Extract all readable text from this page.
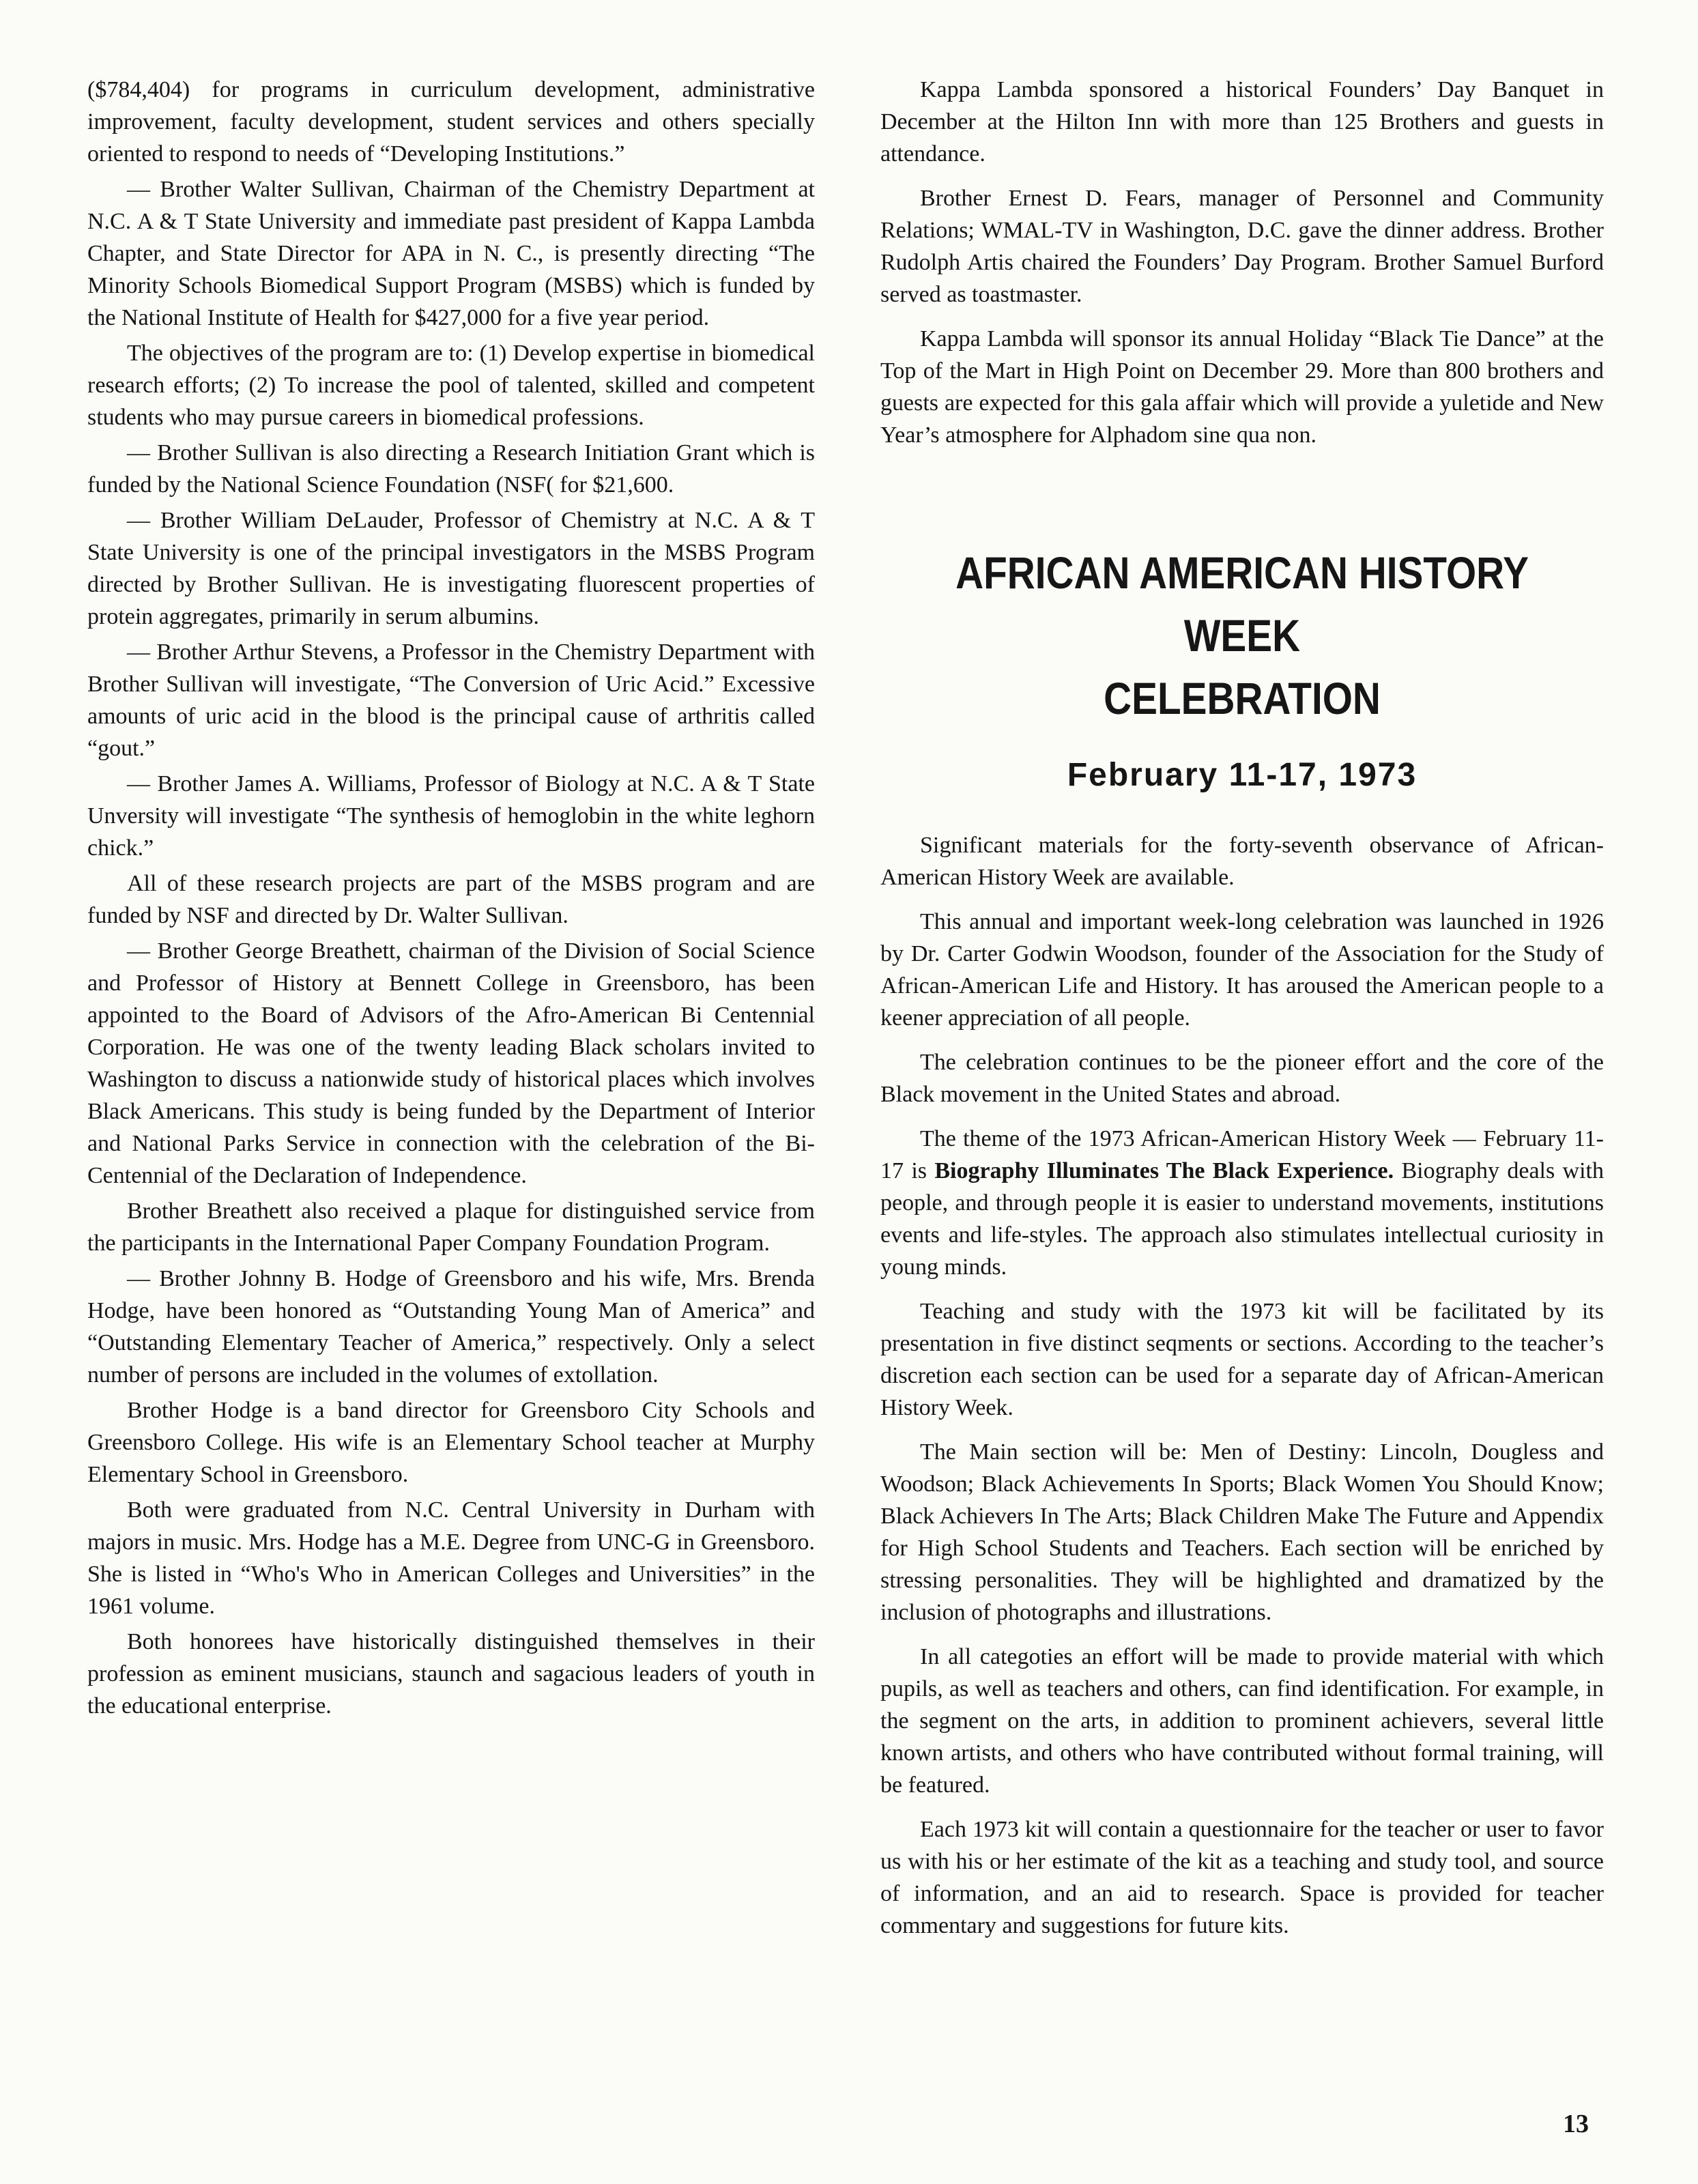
($784,404) for programs in curriculum development, administrative improvement, faculty development, student services and others specially oriented to respond to needs of “Developing Institutions.”

— Brother Walter Sullivan, Chairman of the Chemistry Department at N.C. A & T State University and immediate past president of Kappa Lambda Chapter, and State Director for APA in N. C., is presently directing “The Minority Schools Biomedical Support Program (MSBS) which is funded by the National Institute of Health for $427,000 for a five year period.

The objectives of the program are to: (1) Develop expertise in biomedical research efforts; (2) To increase the pool of talented, skilled and competent students who may pursue careers in biomedical professions.

— Brother Sullivan is also directing a Research Initiation Grant which is funded by the National Science Foundation (NSF( for $21,600.

— Brother William DeLauder, Professor of Chemistry at N.C. A & T State University is one of the principal investigators in the MSBS Program directed by Brother Sullivan. He is investigating fluorescent properties of protein aggregates, primarily in serum albumins.

— Brother Arthur Stevens, a Professor in the Chemistry Department with Brother Sullivan will investigate, “The Conversion of Uric Acid.” Excessive amounts of uric acid in the blood is the principal cause of arthritis called “gout.”

— Brother James A. Williams, Professor of Biology at N.C. A & T State Unversity will investigate “The synthesis of hemoglobin in the white leghorn chick.”

All of these research projects are part of the MSBS program and are funded by NSF and directed by Dr. Walter Sullivan.

— Brother George Breathett, chairman of the Division of Social Science and Professor of History at Bennett College in Greensboro, has been appointed to the Board of Advisors of the Afro-American Bi Centennial Corporation. He was one of the twenty leading Black scholars invited to Washington to discuss a nationwide study of historical places which involves Black Americans. This study is being funded by the Department of Interior and National Parks Service in connection with the celebration of the Bi-Centennial of the Declaration of Independence.

Brother Breathett also received a plaque for distinguished service from the participants in the International Paper Company Foundation Program.

— Brother Johnny B. Hodge of Greensboro and his wife, Mrs. Brenda Hodge, have been honored as “Outstanding Young Man of America” and “Outstanding Elementary Teacher of America,” respectively. Only a select number of persons are included in the volumes of extollation.

Brother Hodge is a band director for Greensboro City Schools and Greensboro College. His wife is an Elementary School teacher at Murphy Elementary School in Greensboro.

Both were graduated from N.C. Central University in Durham with majors in music. Mrs. Hodge has a M.E. Degree from UNC-G in Greensboro. She is listed in “Who's Who in American Colleges and Universities” in the 1961 volume.

Both honorees have historically distinguished themselves in their profession as eminent musicians, staunch and sagacious leaders of youth in the educational enterprise.

Kappa Lambda sponsored a historical Founders’ Day Banquet in December at the Hilton Inn with more than 125 Brothers and guests in attendance.

Brother Ernest D. Fears, manager of Personnel and Community Relations; WMAL-TV in Washington, D.C. gave the dinner address. Brother Rudolph Artis chaired the Founders’ Day Program. Brother Samuel Burford served as toastmaster.

Kappa Lambda will sponsor its annual Holiday “Black Tie Dance” at the Top of the Mart in High Point on December 29. More than 800 brothers and guests are expected for this gala affair which will provide a yuletide and New Year’s atmosphere for Alphadom sine qua non.

AFRICAN AMERICAN HISTORY WEEK
CELEBRATION
February 11-17, 1973

Significant materials for the forty-seventh observance of African-American History Week are available.

This annual and important week-long celebration was launched in 1926 by Dr. Carter Godwin Woodson, founder of the Association for the Study of African-American Life and History. It has aroused the American people to a keener appreciation of all people.

The celebration continues to be the pioneer effort and the core of the Black movement in the United States and abroad.

The theme of the 1973 African-American History Week — February 11-17 is Biography Illuminates The Black Experience. Biography deals with people, and through people it is easier to understand movements, institutions events and life-styles. The approach also stimulates intellectual curiosity in young minds.

Teaching and study with the 1973 kit will be facilitated by its presentation in five distinct seqments or sections. According to the teacher’s discretion each section can be used for a separate day of African-American History Week.

The Main section will be: Men of Destiny: Lincoln, Dougless and Woodson; Black Achievements In Sports; Black Women You Should Know; Black Achievers In The Arts; Black Children Make The Future and Appendix for High School Students and Teachers. Each section will be enriched by stressing personalities. They will be highlighted and dramatized by the inclusion of photographs and illustrations.

In all categoties an effort will be made to provide material with which pupils, as well as teachers and others, can find identification. For example, in the segment on the arts, in addition to prominent achievers, several little known artists, and others who have contributed without formal training, will be featured.

Each 1973 kit will contain a questionnaire for the teacher or user to favor us with his or her estimate of the kit as a teaching and study tool, and source of information, and an aid to research. Space is provided for teacher commentary and suggestions for future kits.

13
